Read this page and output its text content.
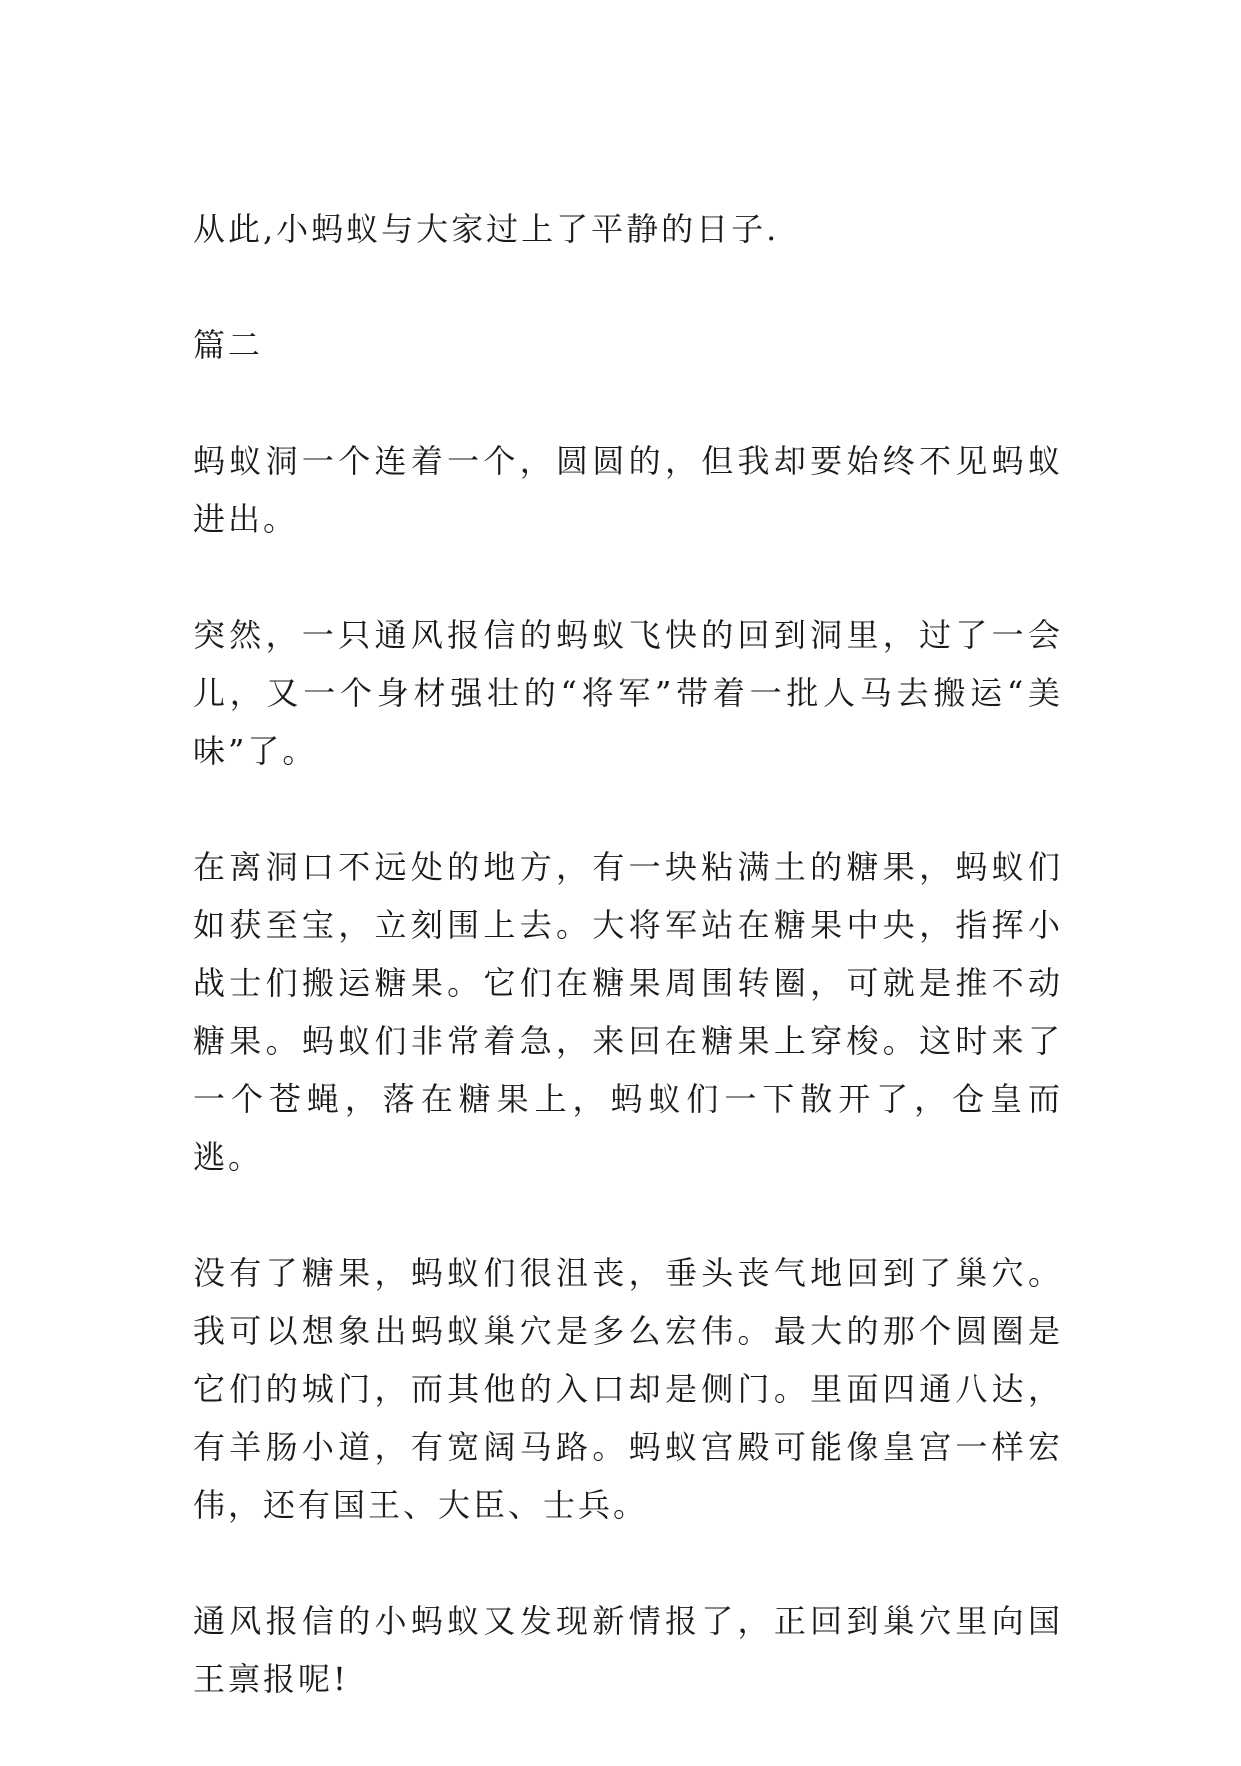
从此,小蚂蚁与大家过上了平静的日子.

篇二

蚂蚁洞一个连着一个，圆圆的，但我却要始终不见蚂蚁进出。

突然，一只通风报信的蚂蚁飞快的回到洞里，过了一会儿，又一个身材强壮的“将军”带着一批人马去搬运“美味”了。

在离洞口不远处的地方，有一块粘满土的糖果，蚂蚁们如获至宝，立刻围上去。大将军站在糖果中央，指挥小战士们搬运糖果。它们在糖果周围转圈，可就是推不动糖果。蚂蚁们非常着急，来回在糖果上穿梭。这时来了一个苍蝇，落在糖果上，蚂蚁们一下散开了，仓皇而逃。

没有了糖果，蚂蚁们很沮丧，垂头丧气地回到了巢穴。我可以想象出蚂蚁巢穴是多么宏伟。最大的那个圆圈是它们的城门，而其他的入口却是侧门。里面四通八达，有羊肠小道，有宽阔马路。蚂蚁宫殿可能像皇宫一样宏伟，还有国王、大臣、士兵。

通风报信的小蚂蚁又发现新情报了，正回到巢穴里向国王禀报呢!
